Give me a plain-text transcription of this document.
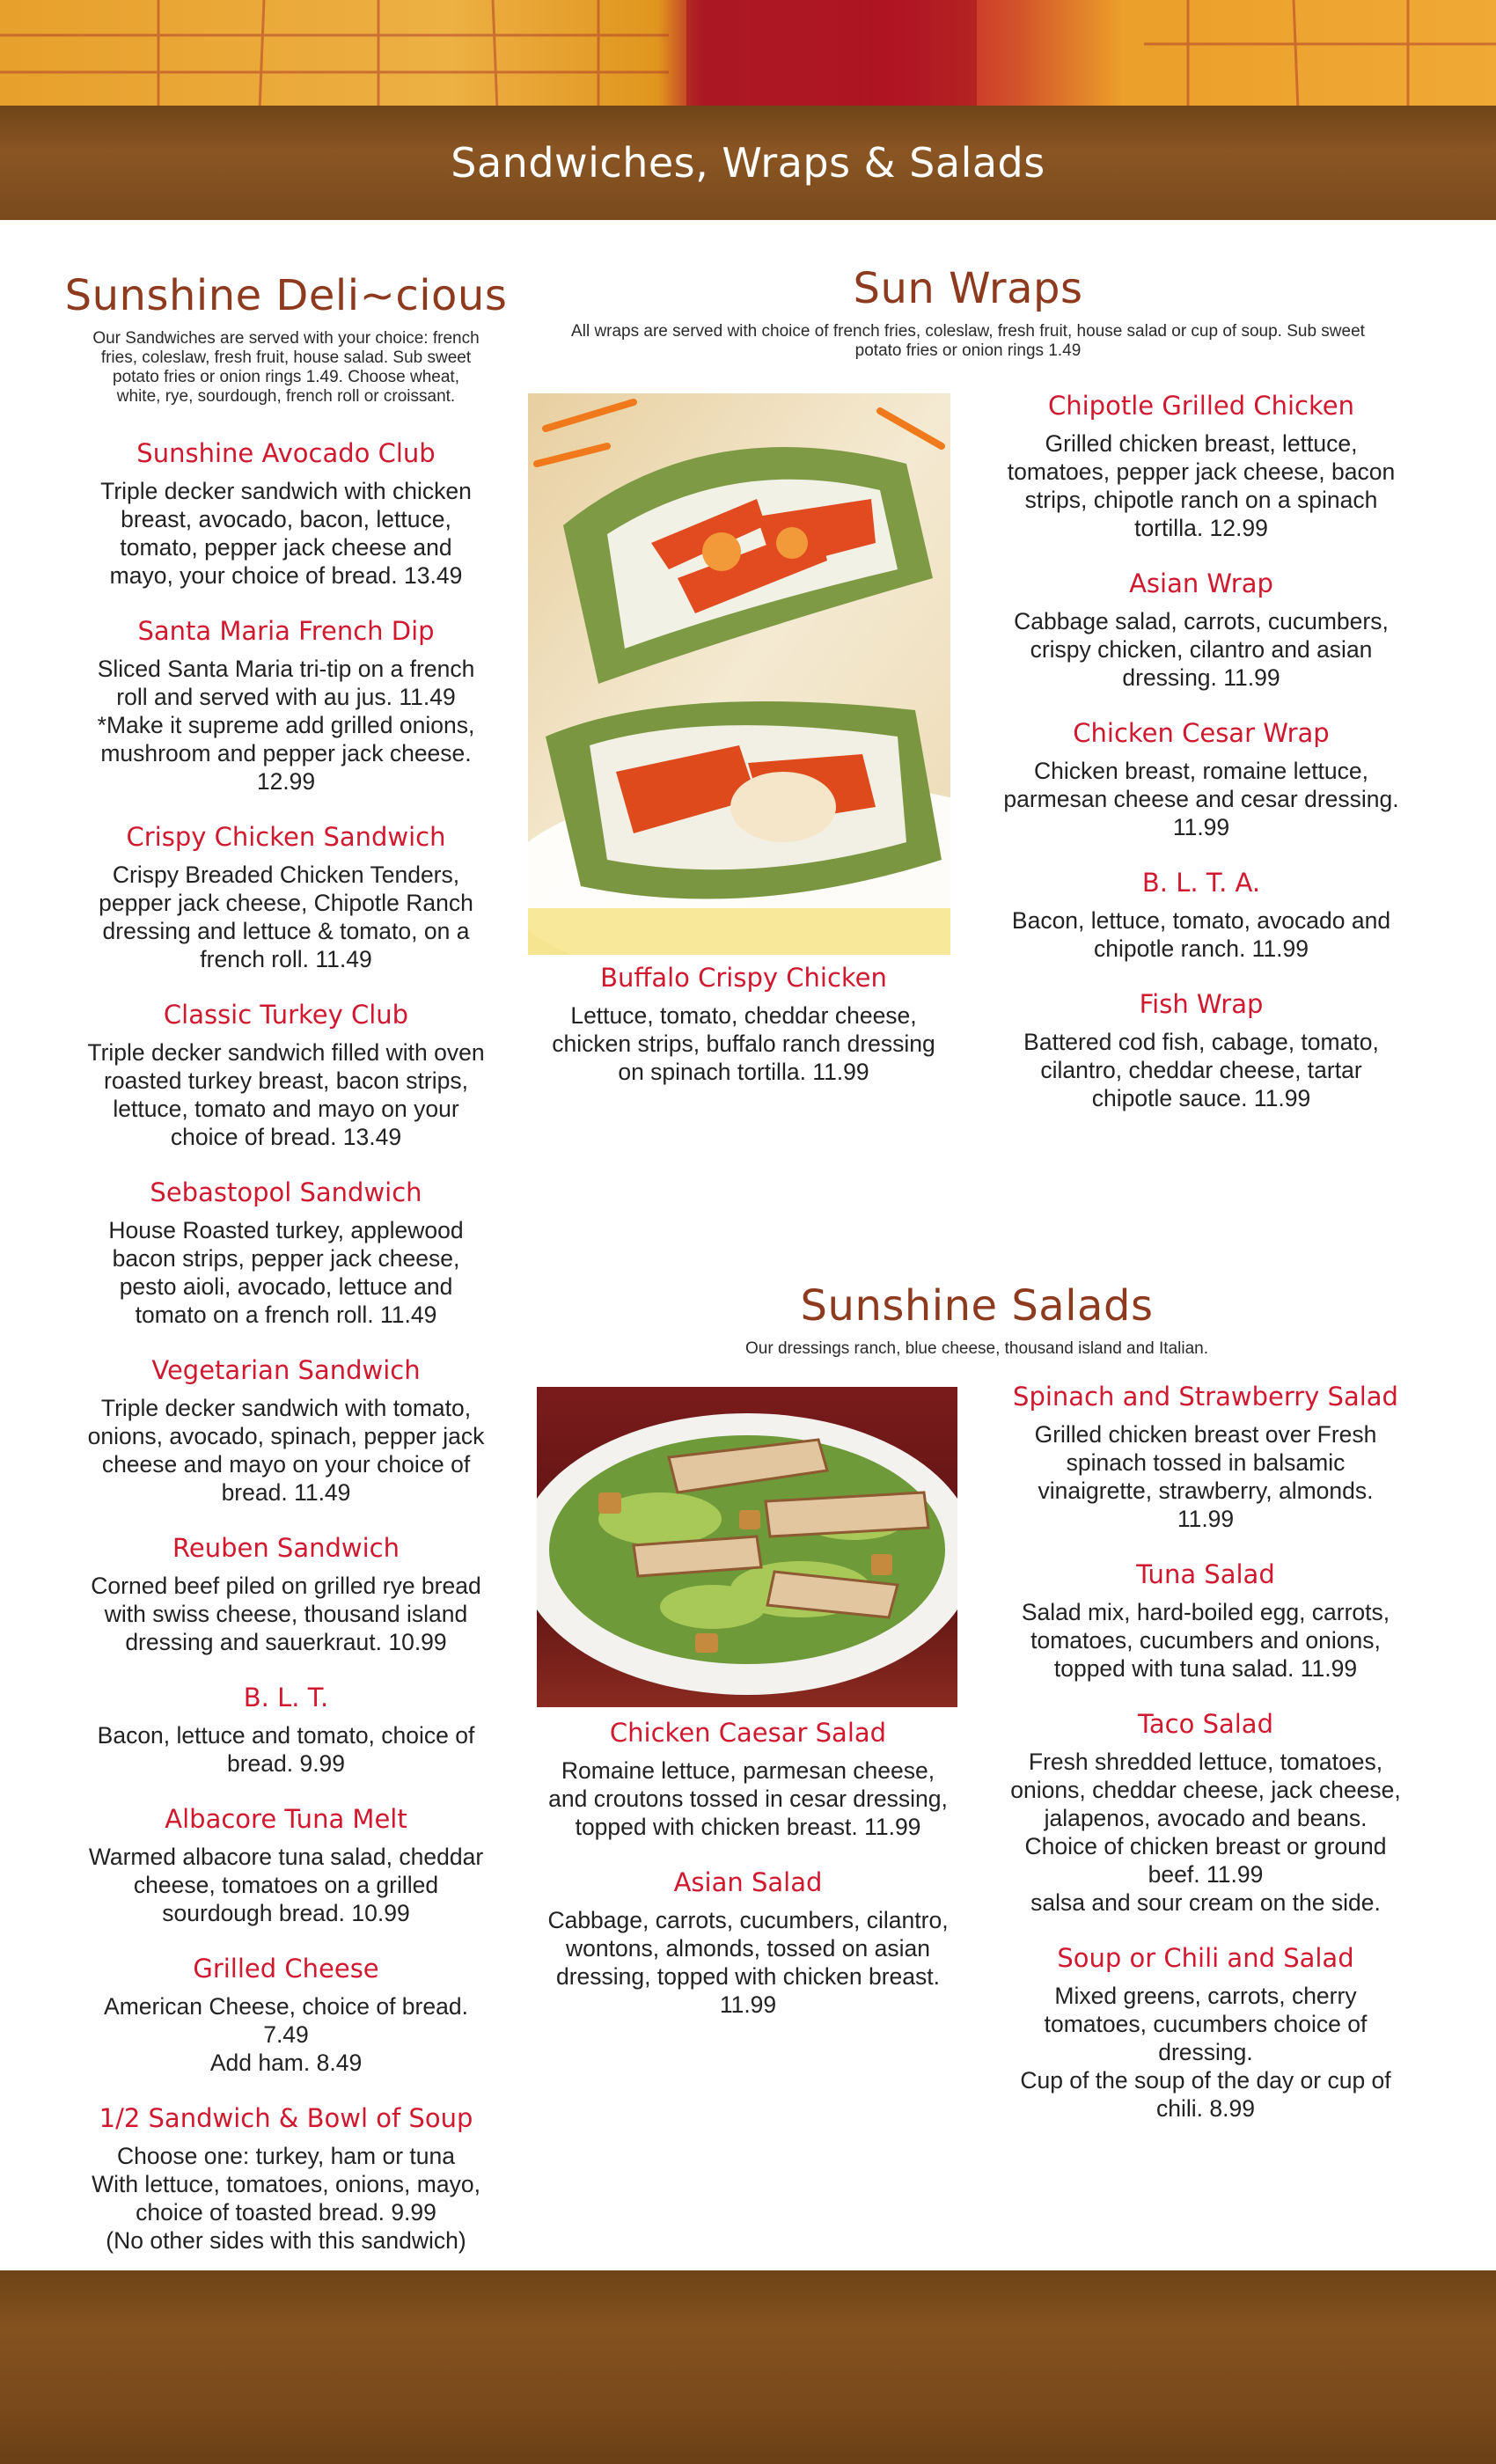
Sandwiches, Wraps & Salads
Sunshine Deli~cious

Our Sandwiches are served with your choice: french
fries, coleslaw, fresh fruit, house salad. Sub sweet
potato fries or onion rings 1.49. Choose wheat,
white, rye, sourdough, french roll or croissant.

Sunshine Avocado Club

Triple decker sandwich with chicken
breast, avocado, bacon, lettuce,
tomato, pepper jack cheese and
mayo, your choice of bread. 13.49

Santa Maria French Dip

Sliced Santa Maria tri-tip on a french
roll and served with au jus. 11.49
*Make it supreme add grilled onions,
mushroom and pepper jack cheese.
12.99

Crispy Chicken Sandwich

Crispy Breaded Chicken Tenders,
pepper jack cheese, Chipotle Ranch
dressing and lettuce & tomato, on a
french roll. 11.49

Classic Turkey Club

Triple decker sandwich filled with oven
roasted turkey breast, bacon strips,
lettuce, tomato and mayo on your
choice of bread. 13.49

Sebastopol Sandwich

House Roasted turkey, applewood
bacon strips, pepper jack cheese,
pesto aioli, avocado, lettuce and
tomato on a french roll. 11.49

Vegetarian Sandwich

Triple decker sandwich with tomato,
onions, avocado, spinach, pepper jack
cheese and mayo on your choice of
bread. 11.49

Reuben Sandwich

Corned beef piled on grilled rye bread
with swiss cheese, thousand island
dressing and sauerkraut. 10.99

B. L. T.

Bacon, lettuce and tomato, choice of
bread. 9.99

Albacore Tuna Melt

Warmed albacore tuna salad, cheddar
cheese, tomatoes on a grilled
sourdough bread. 10.99

Grilled Cheese

American Cheese, choice of bread.
7.49
Add ham. 8.49

1/2 Sandwich & Bowl of Soup

Choose one: turkey, ham or tuna
With lettuce, tomatoes, onions, mayo,
choice of toasted bread. 9.99
(No other sides with this sandwich)

Sun Wraps

All wraps are served with choice of french fries, coleslaw, fresh fruit, house salad or cup of soup. Sub sweet
potato fries or onion rings 1.49

Buffalo Crispy Chicken

Lettuce, tomato, cheddar cheese,
chicken strips, buffalo ranch dressing
on spinach tortilla. 11.99

Chipotle Grilled Chicken

Grilled chicken breast, lettuce,
tomatoes, pepper jack cheese, bacon
strips, chipotle ranch on a spinach
tortilla. 12.99

Asian Wrap

Cabbage salad, carrots, cucumbers,
crispy chicken, cilantro and asian
dressing. 11.99

Chicken Cesar Wrap

Chicken breast, romaine lettuce,
parmesan cheese and cesar dressing.
11.99

B. L. T. A.

Bacon, lettuce, tomato, avocado and
chipotle ranch. 11.99

Fish Wrap

Battered cod fish, cabage, tomato,
cilantro, cheddar cheese, tartar
chipotle sauce. 11.99

Sunshine Salads

Our dressings ranch, blue cheese, thousand island and Italian.

Chicken Caesar Salad

Romaine lettuce, parmesan cheese,
and croutons tossed in cesar dressing,
topped with chicken breast. 11.99

Asian Salad

Cabbage, carrots, cucumbers, cilantro,
wontons, almonds, tossed on asian
dressing, topped with chicken breast.
11.99

Spinach and Strawberry Salad

Grilled chicken breast over Fresh
spinach tossed in balsamic
vinaigrette, strawberry, almonds.
11.99

Tuna Salad

Salad mix, hard-boiled egg, carrots,
tomatoes, cucumbers and onions,
topped with tuna salad. 11.99

Taco Salad

Fresh shredded lettuce, tomatoes,
onions, cheddar cheese, jack cheese,
jalapenos, avocado and beans.
Choice of chicken breast or ground
beef. 11.99
salsa and sour cream on the side.

Soup or Chili and Salad

Mixed greens, carrots, cherry
tomatoes, cucumbers choice of
dressing.
Cup of the soup of the day or cup of
chili. 8.99
